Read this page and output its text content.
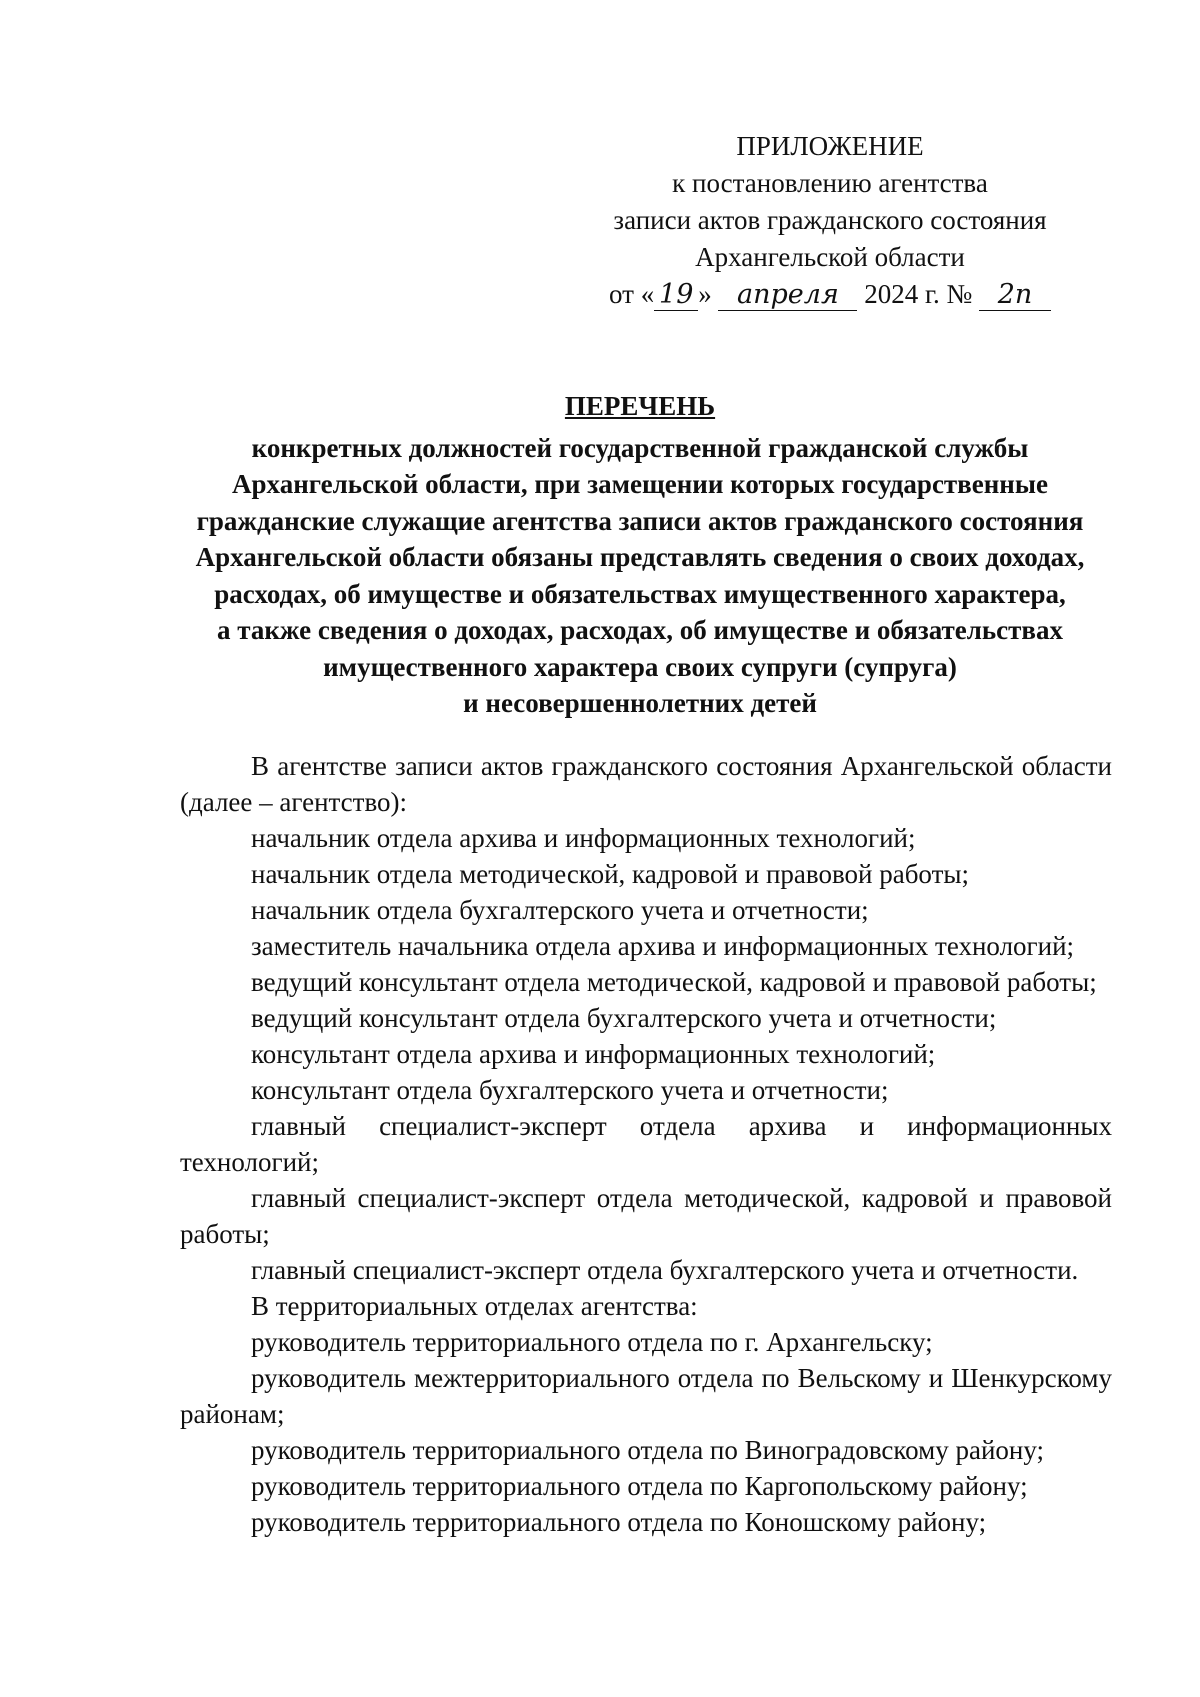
ПРИЛОЖЕНИЕ
к постановлению агентства
записи актов гражданского состояния
Архангельской области
от « 19 » апреля 2024 г. № 2п
ПЕРЕЧЕНЬ
конкретных должностей государственной гражданской службы
Архангельской области, при замещении которых государственные
гражданские служащие агентства записи актов гражданского состояния
Архангельской области обязаны представлять сведения о своих доходах,
расходах, об имуществе и обязательствах имущественного характера,
а также сведения о доходах, расходах, об имуществе и обязательствах
имущественного характера своих супруги (супруга)
и несовершеннолетних детей
В агентстве записи актов гражданского состояния Архангельской области (далее – агентство):
начальник отдела архива и информационных технологий;
начальник отдела методической, кадровой и правовой работы;
начальник отдела бухгалтерского учета и отчетности;
заместитель начальника отдела архива и информационных технологий;
ведущий консультант отдела методической, кадровой и правовой работы;
ведущий консультант отдела бухгалтерского учета и отчетности;
консультант отдела архива и информационных технологий;
консультант отдела бухгалтерского учета и отчетности;
главный специалист-эксперт отдела архива и информационных технологий;
главный специалист-эксперт отдела методической, кадровой и правовой работы;
главный специалист-эксперт отдела бухгалтерского учета и отчетности.
В территориальных отделах агентства:
руководитель территориального отдела по г. Архангельску;
руководитель межтерриториального отдела по Вельскому и Шенкурскому районам;
руководитель территориального отдела по Виноградовскому району;
руководитель территориального отдела по Каргопольскому району;
руководитель территориального отдела по Коношскому району;
